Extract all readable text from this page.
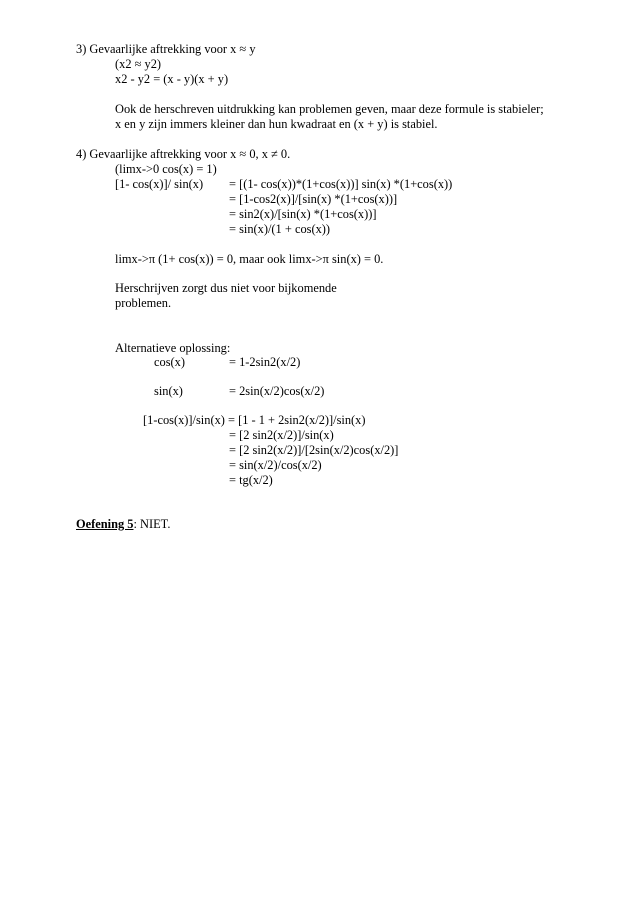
3) Gevaarlijke aftrekking voor x ≈ y
(x2 ≈ y2)
x2 - y2 = (x - y)(x + y)
Ook de herschreven uitdrukking kan problemen geven, maar deze formule is stabieler;
x en y zijn immers kleiner dan hun kwadraat en (x + y) is stabiel.
4) Gevaarlijke aftrekking voor x ≈ 0, x ≠ 0.
(limx->0 cos(x) = 1)
[1- cos(x)]/ sin(x) = [(1- cos(x))*(1+cos(x))] sin(x) *(1+cos(x))
= [1-cos2(x)]/[sin(x) *(1+cos(x))]
= sin2(x)/[sin(x) *(1+cos(x))]
= sin(x)/(1 + cos(x))
limx->π (1+ cos(x)) = 0, maar ook limx->π sin(x) = 0.
Herschrijven zorgt dus niet voor bijkomende
problemen.
Alternatieve oplossing:
cos(x)	= 1-2sin2(x/2)
sin(x)	= 2sin(x/2)cos(x/2)
[1-cos(x)]/sin(x) = [1 - 1 + 2sin2(x/2)]/sin(x)
= [2 sin2(x/2)]/sin(x)
= [2 sin2(x/2)]/[2sin(x/2)cos(x/2)]
= sin(x/2)/cos(x/2)
= tg(x/2)
Oefening 5: NIET.
